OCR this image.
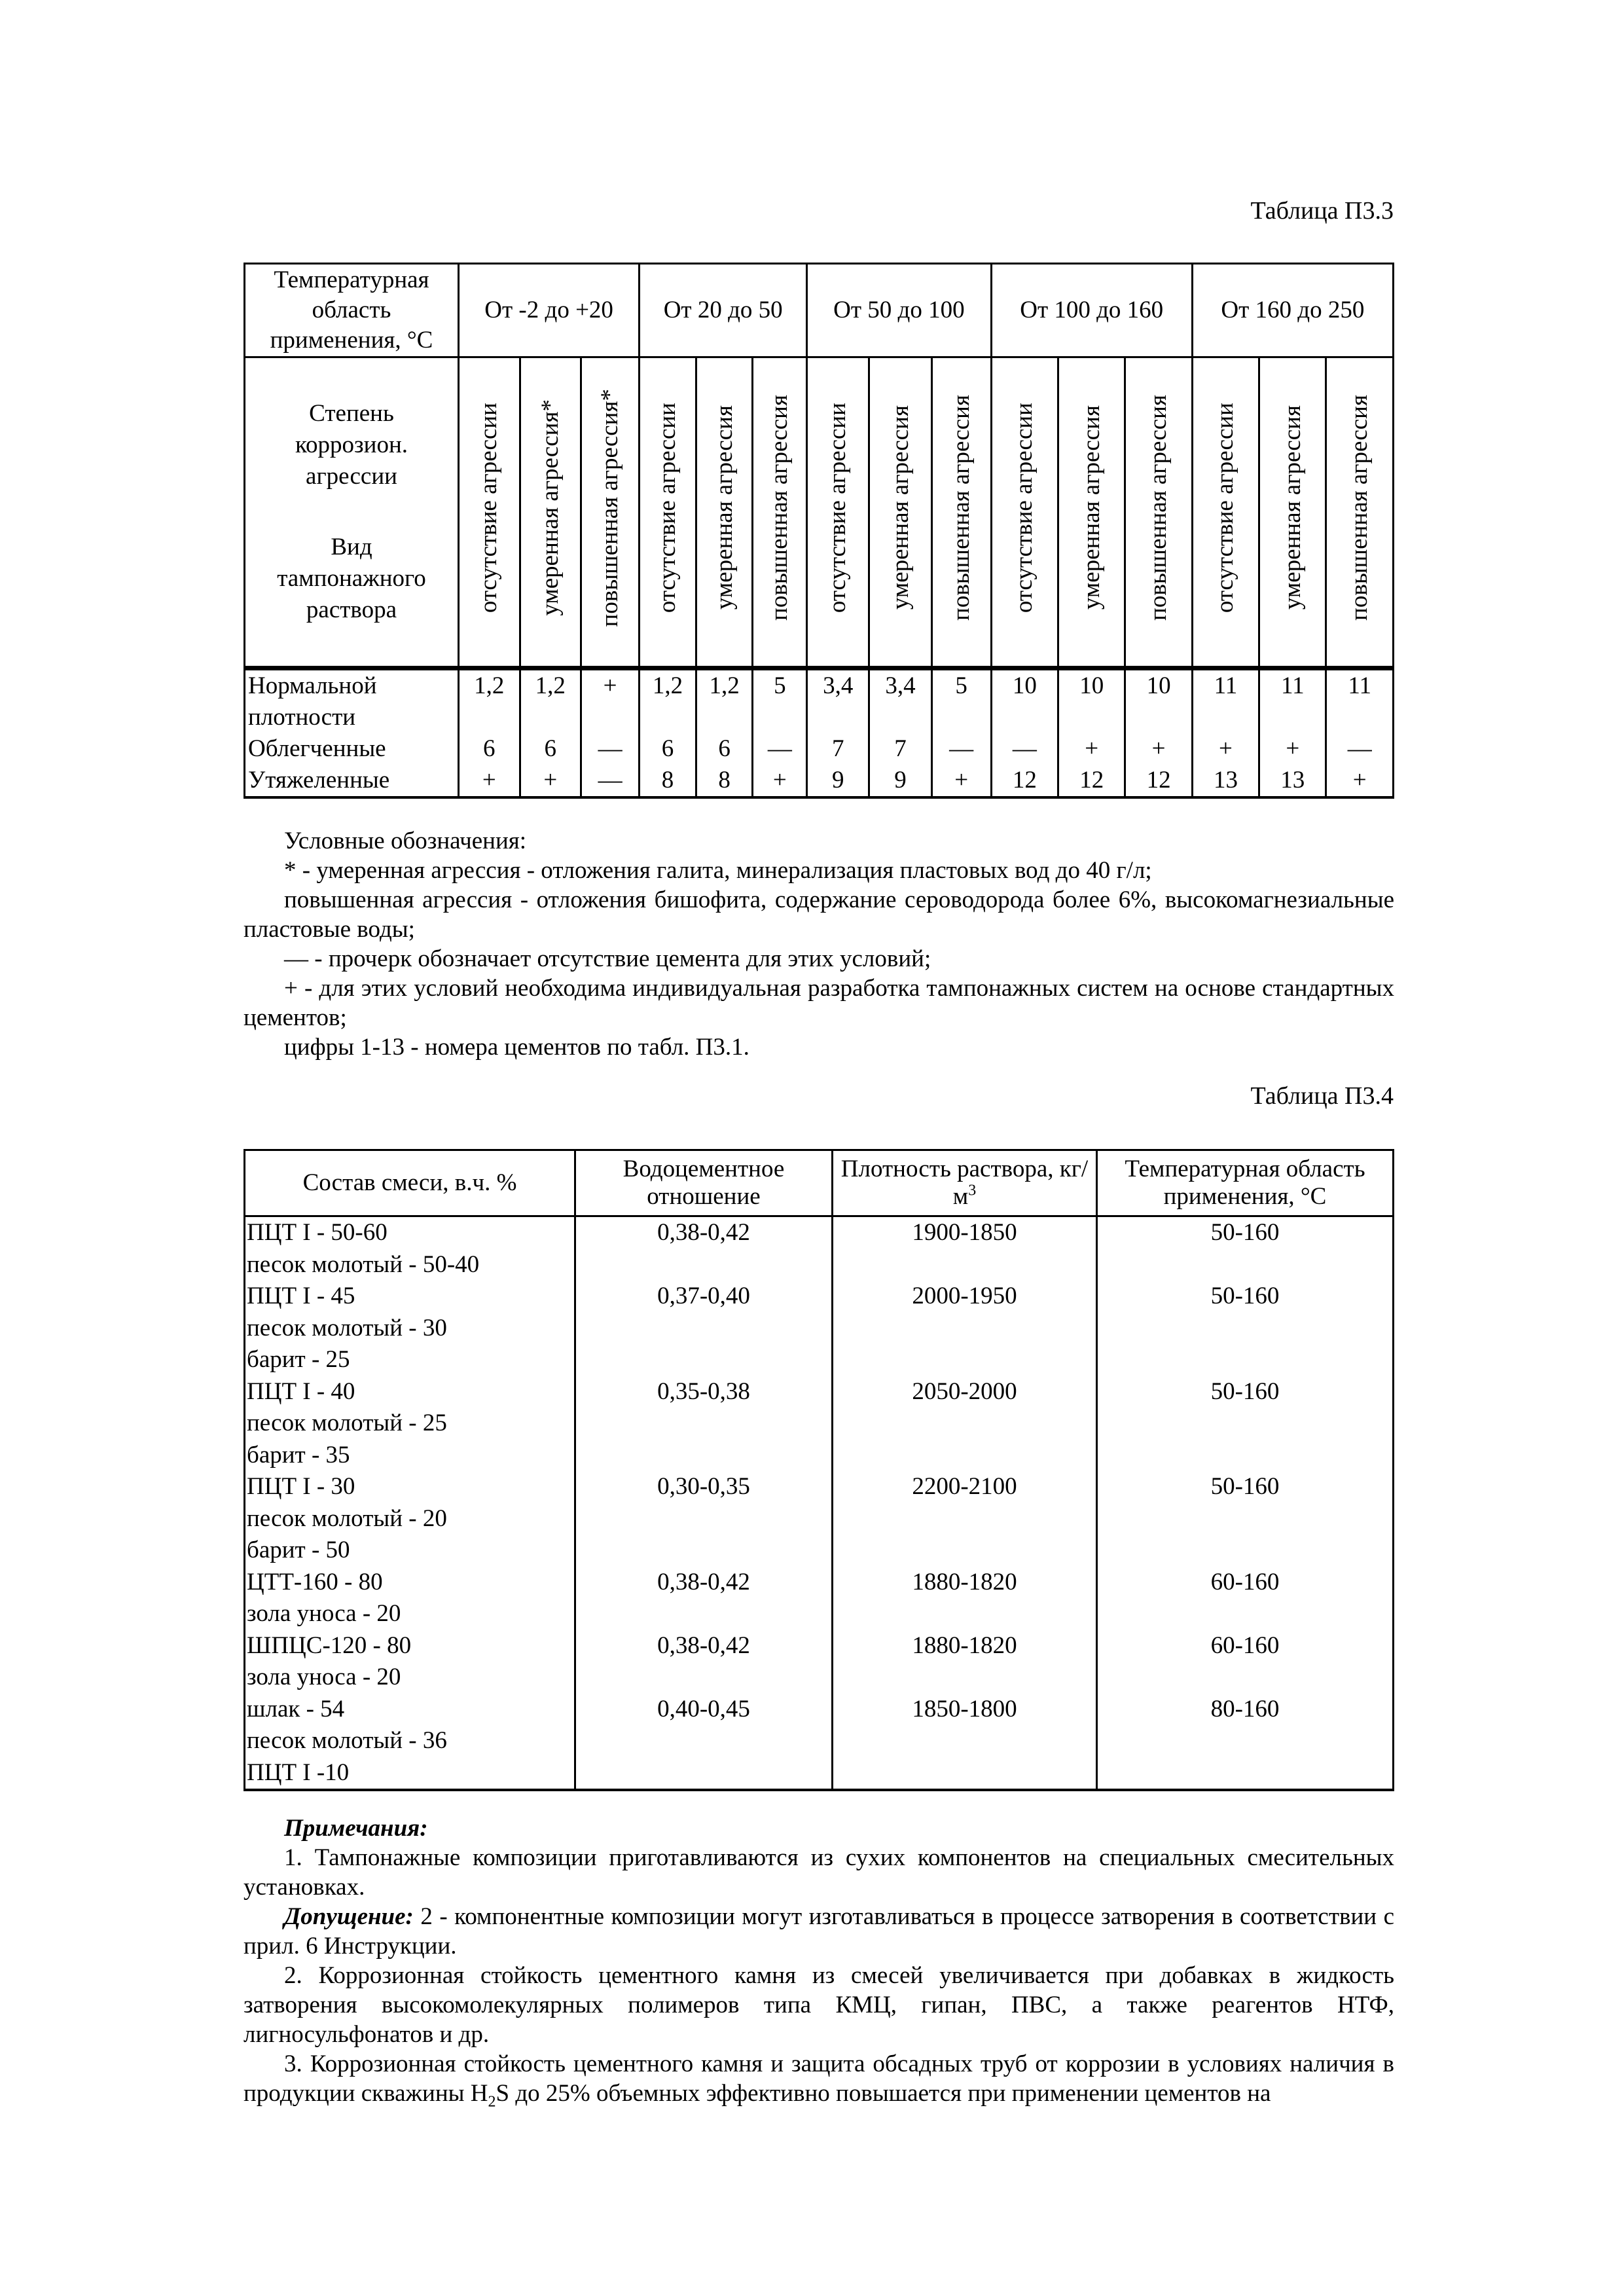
Таблица П3.3
Температурная область применения, °С	От -2 до +20			От 20 до 50			От 50 до 100			От 100 до 160			От 160 до 250		

Степень коррозион. агрессии
Вид тампонажного раствора	отсутствие агрессии	умеренная агрессия*	повышенная агрессия*	отсутствие агрессии	умеренная агрессия	повышенная агрессия	отсутствие агрессии	умеренная агрессия	повышенная агрессия	отсутствие агрессии	умеренная агрессия	повышенная агрессия	отсутствие агрессии	умеренная агрессия	повышенная агрессия
Нормальной плотности	1,2	1,2	+	1,2	1,2	5	3,4	3,4	5	10	10	10	11	11	11
Облегченные	6	6	—	6	6	—	7	7	—	—	+	+	+	+	—
Утяжеленные	+	+	—	8	8	+	9	9	+	12	12	12	13	13	+

Условные обозначения:

* - умеренная агрессия - отложения галита, минерализация пластовых вод до 40 г/л;

повышенная агрессия - отложения бишофита, содержание сероводорода более 6%, высокомагнезиальные пластовые воды;

— - прочерк обозначает отсутствие цемента для этих условий;

+ - для этих условий необходима индивидуальная разработка тампонажных систем на основе стандартных цементов;

цифры 1-13 - номера цементов по табл. П3.1.

Таблица П3.4
Состав смеси, в.ч. %	Водоцементное отношение	Плотность раствора, $кг/м^3$	Температурная область применения, °С

ПЦТ I - 50-60
песок молотый - 50-40	0,38-0,42	1900-1850	50-160

ПЦТ I - 45
песок молотый - 30
барит - 25	0,37-0,40	2000-1950	50-160

ПЦТ I - 40
песок молотый - 25
барит - 35	0,35-0,38	2050-2000	50-160

ПЦТ I - 30
песок молотый - 20
барит - 50	0,30-0,35	2200-2100	50-160

ЦТТ-160 - 80
зола уноса - 20	0,38-0,42	1880-1820	60-160

ШПЦС-120 - 80
зола уноса - 20	0,38-0,42	1880-1820	60-160

шлак - 54
песок молотый - 36
ПЦТ I -10	0,40-0,45	1850-1800	80-160

Примечания:

1. Тампонажные композиции приготавливаются из сухих компонентов на специальных смесительных установках.

Допущение: 2 - компонентные композиции могут изготавливаться в процессе затворения в соответствии с прил. 6 Инструкции.

2. Коррозионная стойкость цементного камня из смесей увеличивается при добавках в жидкость затворения высокомолекулярных полимеров типа КМЦ, гипан, ПВС, а также реагентов НТФ, лигносульфонатов и др.

3. Коррозионная стойкость цементного камня и защита обсадных труб от коррозии в условиях наличия в продукции скважины $H_2S$ до 25% объемных эффективно повышается при применении цементов на
